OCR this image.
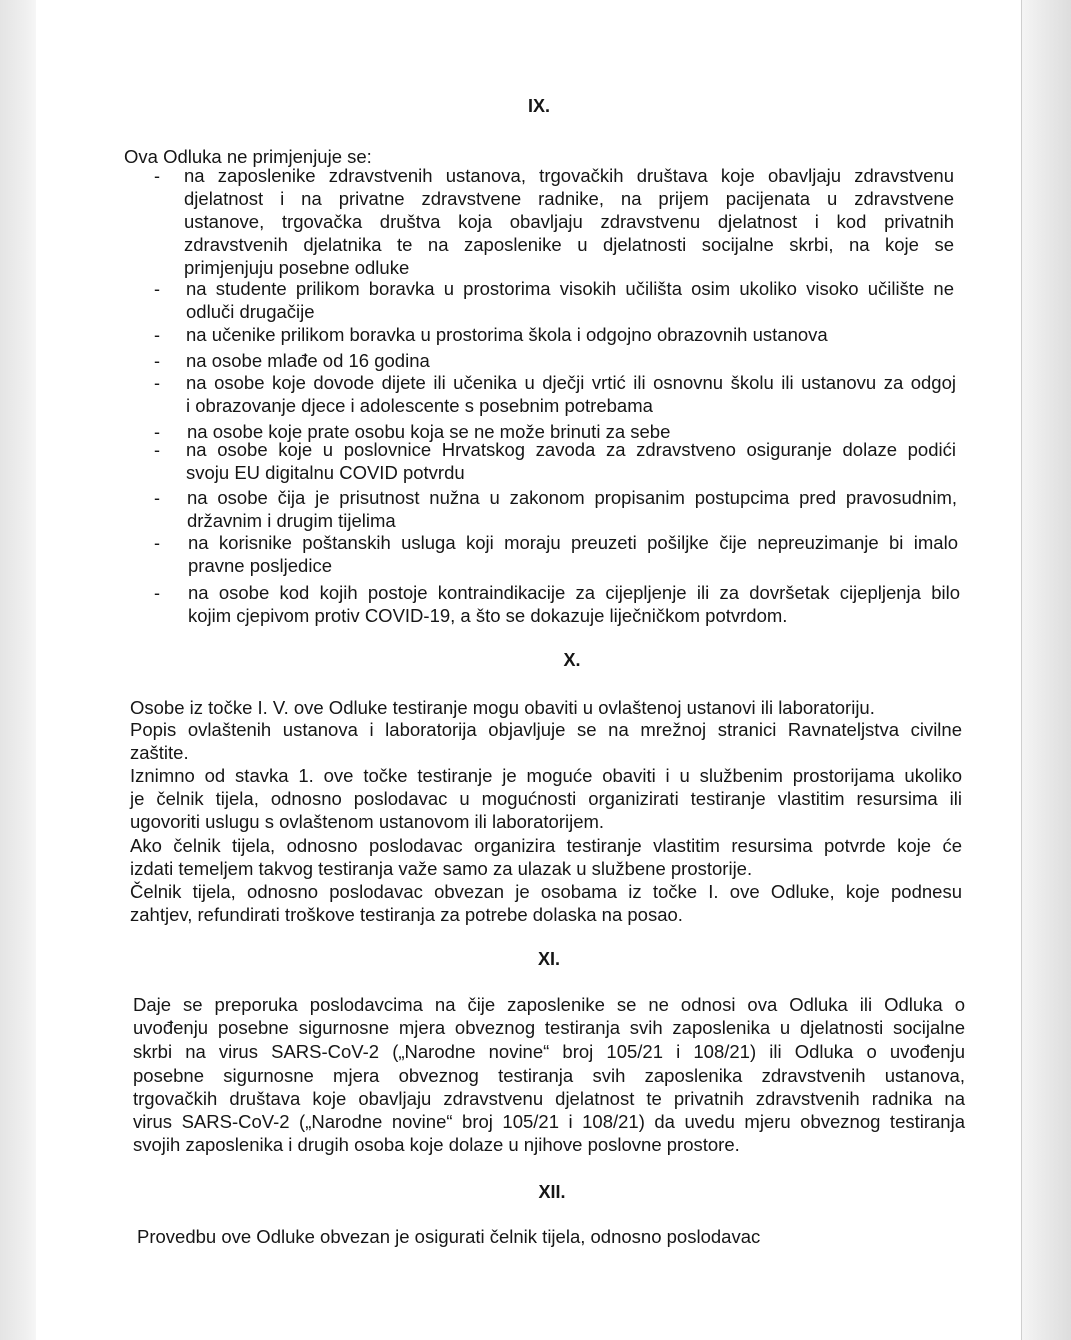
IX.
Ova Odluka ne primjenjuje se:
- na zaposlenike zdravstvenih ustanova, trgovačkih društava koje obavljaju zdravstvenu
djelatnost i na privatne zdravstvene radnike, na prijem pacijenata u zdravstvene
ustanove, trgovačka društva koja obavljaju zdravstvenu djelatnost i kod privatnih
zdravstvenih djelatnika te na zaposlenike u djelatnosti socijalne skrbi, na koje se
primjenjuju posebne odluke
- na studente prilikom boravka u prostorima visokih učilišta osim ukoliko visoko učilište ne
odluči drugačije
- na učenike prilikom boravka u prostorima škola i odgojno obrazovnih ustanova
- na osobe mlađe od 16 godina
- na osobe koje dovode dijete ili učenika u dječji vrtić ili osnovnu školu ili ustanovu za odgoj
i obrazovanje djece i adolescente s posebnim potrebama
- na osobe koje prate osobu koja se ne može brinuti za sebe
- na osobe koje u poslovnice Hrvatskog zavoda za zdravstveno osiguranje dolaze podići
svoju EU digitalnu COVID potvrdu
- na osobe čija je prisutnost nužna u zakonom propisanim postupcima pred pravosudnim,
državnim i drugim tijelima
- na korisnike poštanskih usluga koji moraju preuzeti pošiljke čije nepreuzimanje bi imalo
pravne posljedice
- na osobe kod kojih postoje kontraindikacije za cijepljenje ili za dovršetak cijepljenja bilo
kojim cjepivom protiv COVID-19, a što se dokazuje liječničkom potvrdom.
X.
Osobe iz točke I. V. ove Odluke testiranje mogu obaviti u ovlaštenoj ustanovi ili laboratoriju.
Popis ovlaštenih ustanova i laboratorija objavljuje se na mrežnoj stranici Ravnateljstva civilne
zaštite.
Iznimno od stavka 1. ove točke testiranje je moguće obaviti i u službenim prostorijama ukoliko
je čelnik tijela, odnosno poslodavac u mogućnosti organizirati testiranje vlastitim resursima ili
ugovoriti uslugu s ovlaštenom ustanovom ili laboratorijem.
Ako čelnik tijela, odnosno poslodavac organizira testiranje vlastitim resursima potvrde koje će
izdati temeljem takvog testiranja važe samo za ulazak u službene prostorije.
Čelnik tijela, odnosno poslodavac obvezan je osobama iz točke I. ove Odluke, koje podnesu
zahtjev, refundirati troškove testiranja za potrebe dolaska na posao.
XI.
Daje se preporuka poslodavcima na čije zaposlenike se ne odnosi ova Odluka ili Odluka o
uvođenju posebne sigurnosne mjera obveznog testiranja svih zaposlenika u djelatnosti socijalne
skrbi na virus SARS-CoV-2 („Narodne novine“ broj 105/21 i 108/21) ili Odluka o uvođenju
posebne sigurnosne mjera obveznog testiranja svih zaposlenika zdravstvenih ustanova,
trgovačkih društava koje obavljaju zdravstvenu djelatnost te privatnih zdravstvenih radnika na
virus SARS-CoV-2 („Narodne novine“ broj 105/21 i 108/21) da uvedu mjeru obveznog testiranja
svojih zaposlenika i drugih osoba koje dolaze u njihove poslovne prostore.
XII.
Provedbu ove Odluke obvezan je osigurati čelnik tijela, odnosno poslodavac
